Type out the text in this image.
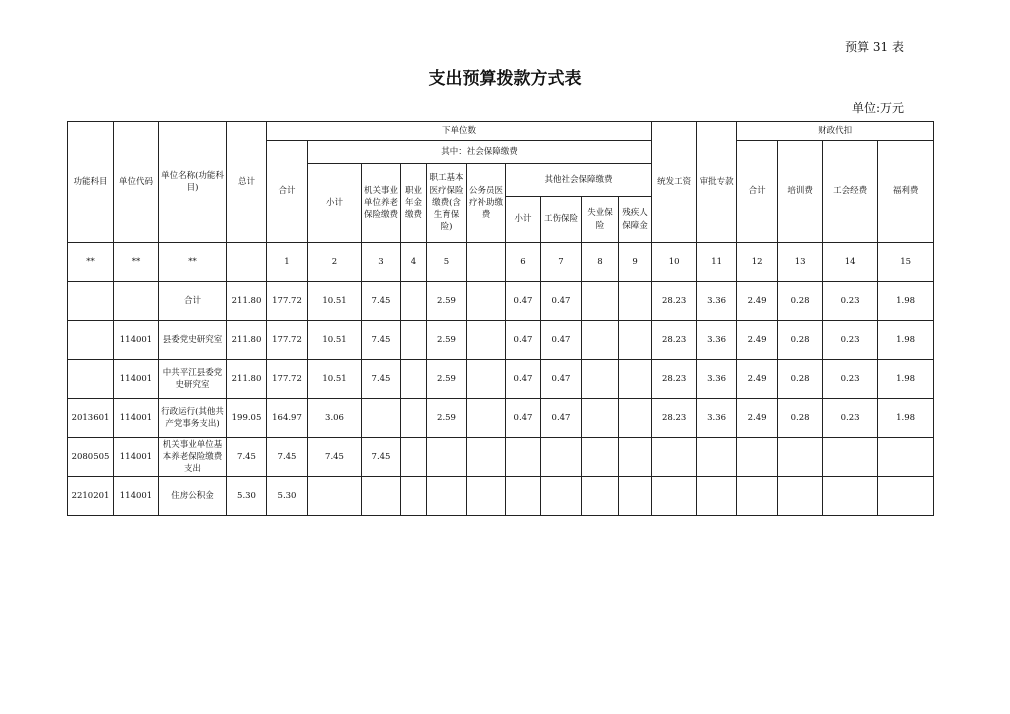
预算 31 表
支出预算拨款方式表
单位:万元
功能科目	单位代码	单位名称(功能科目)	总计	下单位数										统发工资	审批专款	财政代扣			
				合计	其中：社会保障缴费											合计	培训费	工会经费	福利费
					小计	机关事业单位养老保险缴费	职业年金缴费	职工基本医疗保险缴费(含生育保险)	公务员医疗补助缴费	其他社会保障缴费									
										小计	工伤保险	失业保险	残疾人保障金						
**	**	**		1	2	3	4	5		6	7	8	9	10	11	12	13	14	15
		合计	211.80	177.72	10.51	7.45		2.59		0.47	0.47			28.23	3.36	2.49	0.28	0.23	1.98
	114001	县委党史研究室	211.80	177.72	10.51	7.45		2.59		0.47	0.47			28.23	3.36	2.49	0.28	0.23	1.98
	114001	中共平江县委党史研究室	211.80	177.72	10.51	7.45		2.59		0.47	0.47			28.23	3.36	2.49	0.28	0.23	1.98
2013601	114001	行政运行(其他共产党事务支出)	199.05	164.97	3.06			2.59		0.47	0.47			28.23	3.36	2.49	0.28	0.23	1.98
2080505	114001	机关事业单位基本养老保险缴费支出	7.45	7.45	7.45	7.45													
2210201	114001	住房公积金	5.30	5.30															
